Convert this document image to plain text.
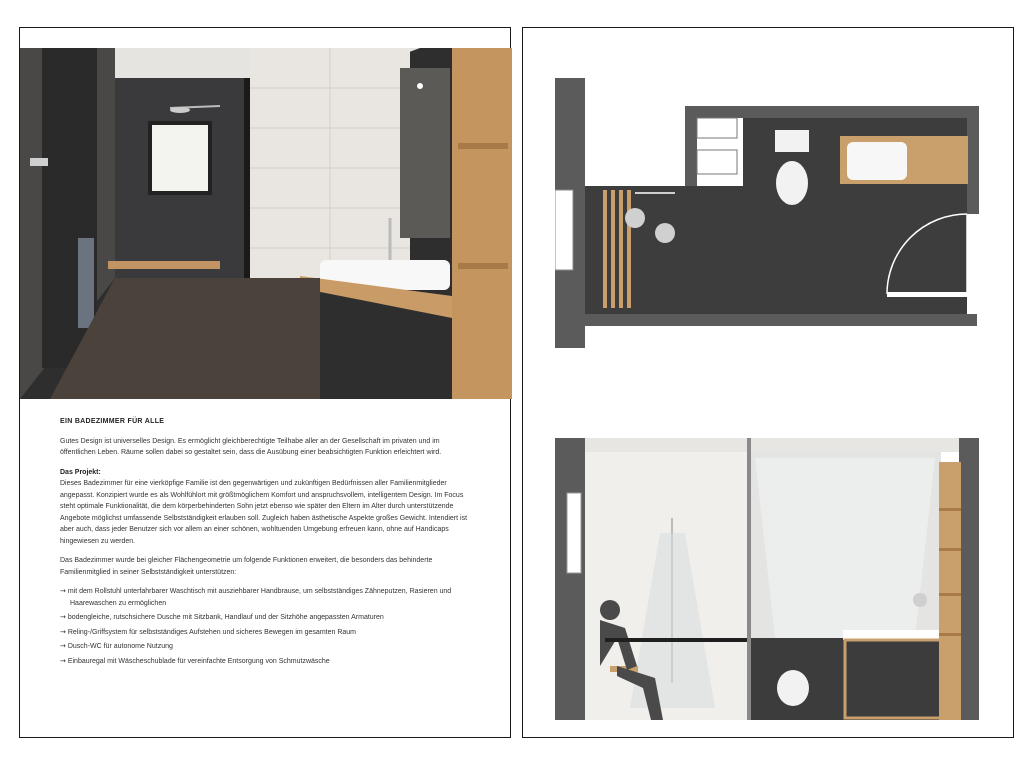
EIN BADEZIMMER FÜR ALLE

Gutes Design ist universelles Design. Es ermöglicht gleichberechtigte Teilhabe aller an der Gesellschaft im privaten und im öffentlichen Leben. Räume sollen dabei so gestaltet sein, dass die Ausübung einer beabsichtigten Funktion erleichtert wird.

Das Projekt:

Dieses Badezimmer für eine vierköpfige Familie ist den gegenwärtigen und zukünftigen Bedürfnissen aller Familienmitglieder angepasst. Konzipiert wurde es als Wohlfühlort mit größtmöglichem Komfort und anspruchsvollem, intelligentem Design. Im Focus steht optimale Funktionalität, die dem körperbehinderten Sohn jetzt ebenso wie später den Eltern im Alter durch unterstützende Angebote möglichst umfassende Selbstständigkeit erlauben soll. Zugleich haben ästhetische Aspekte großes Gewicht. Intendiert ist aber auch, dass jeder Benutzer sich vor allem an einer schönen, wohltuenden Umgebung erfreuen kann, ohne auf Handicaps hingewiesen zu werden.

Das Badezimmer wurde bei gleicher Flächengeometrie um folgende Funktionen erweitert, die besonders das behinderte Familienmitglied in seiner Selbstständigkeit unterstützen:

→ mit dem Rollstuhl unterfahrbarer Waschtisch mit ausziehbarer Handbrause, um selbstständiges Zähneputzen, Rasieren und Haarewaschen zu ermöglichen
→ bodengleiche, rutschsichere Dusche mit Sitzbank, Handlauf und der Sitzhöhe angepassten Armaturen
→ Reling-/Griffsystem für selbstständiges Aufstehen und sicheres Bewegen im gesamten Raum
→ Dusch-WC für autonome Nutzung
→ Einbauregal mit Wäscheschublade für vereinfachte Entsorgung von Schmutzwäsche
